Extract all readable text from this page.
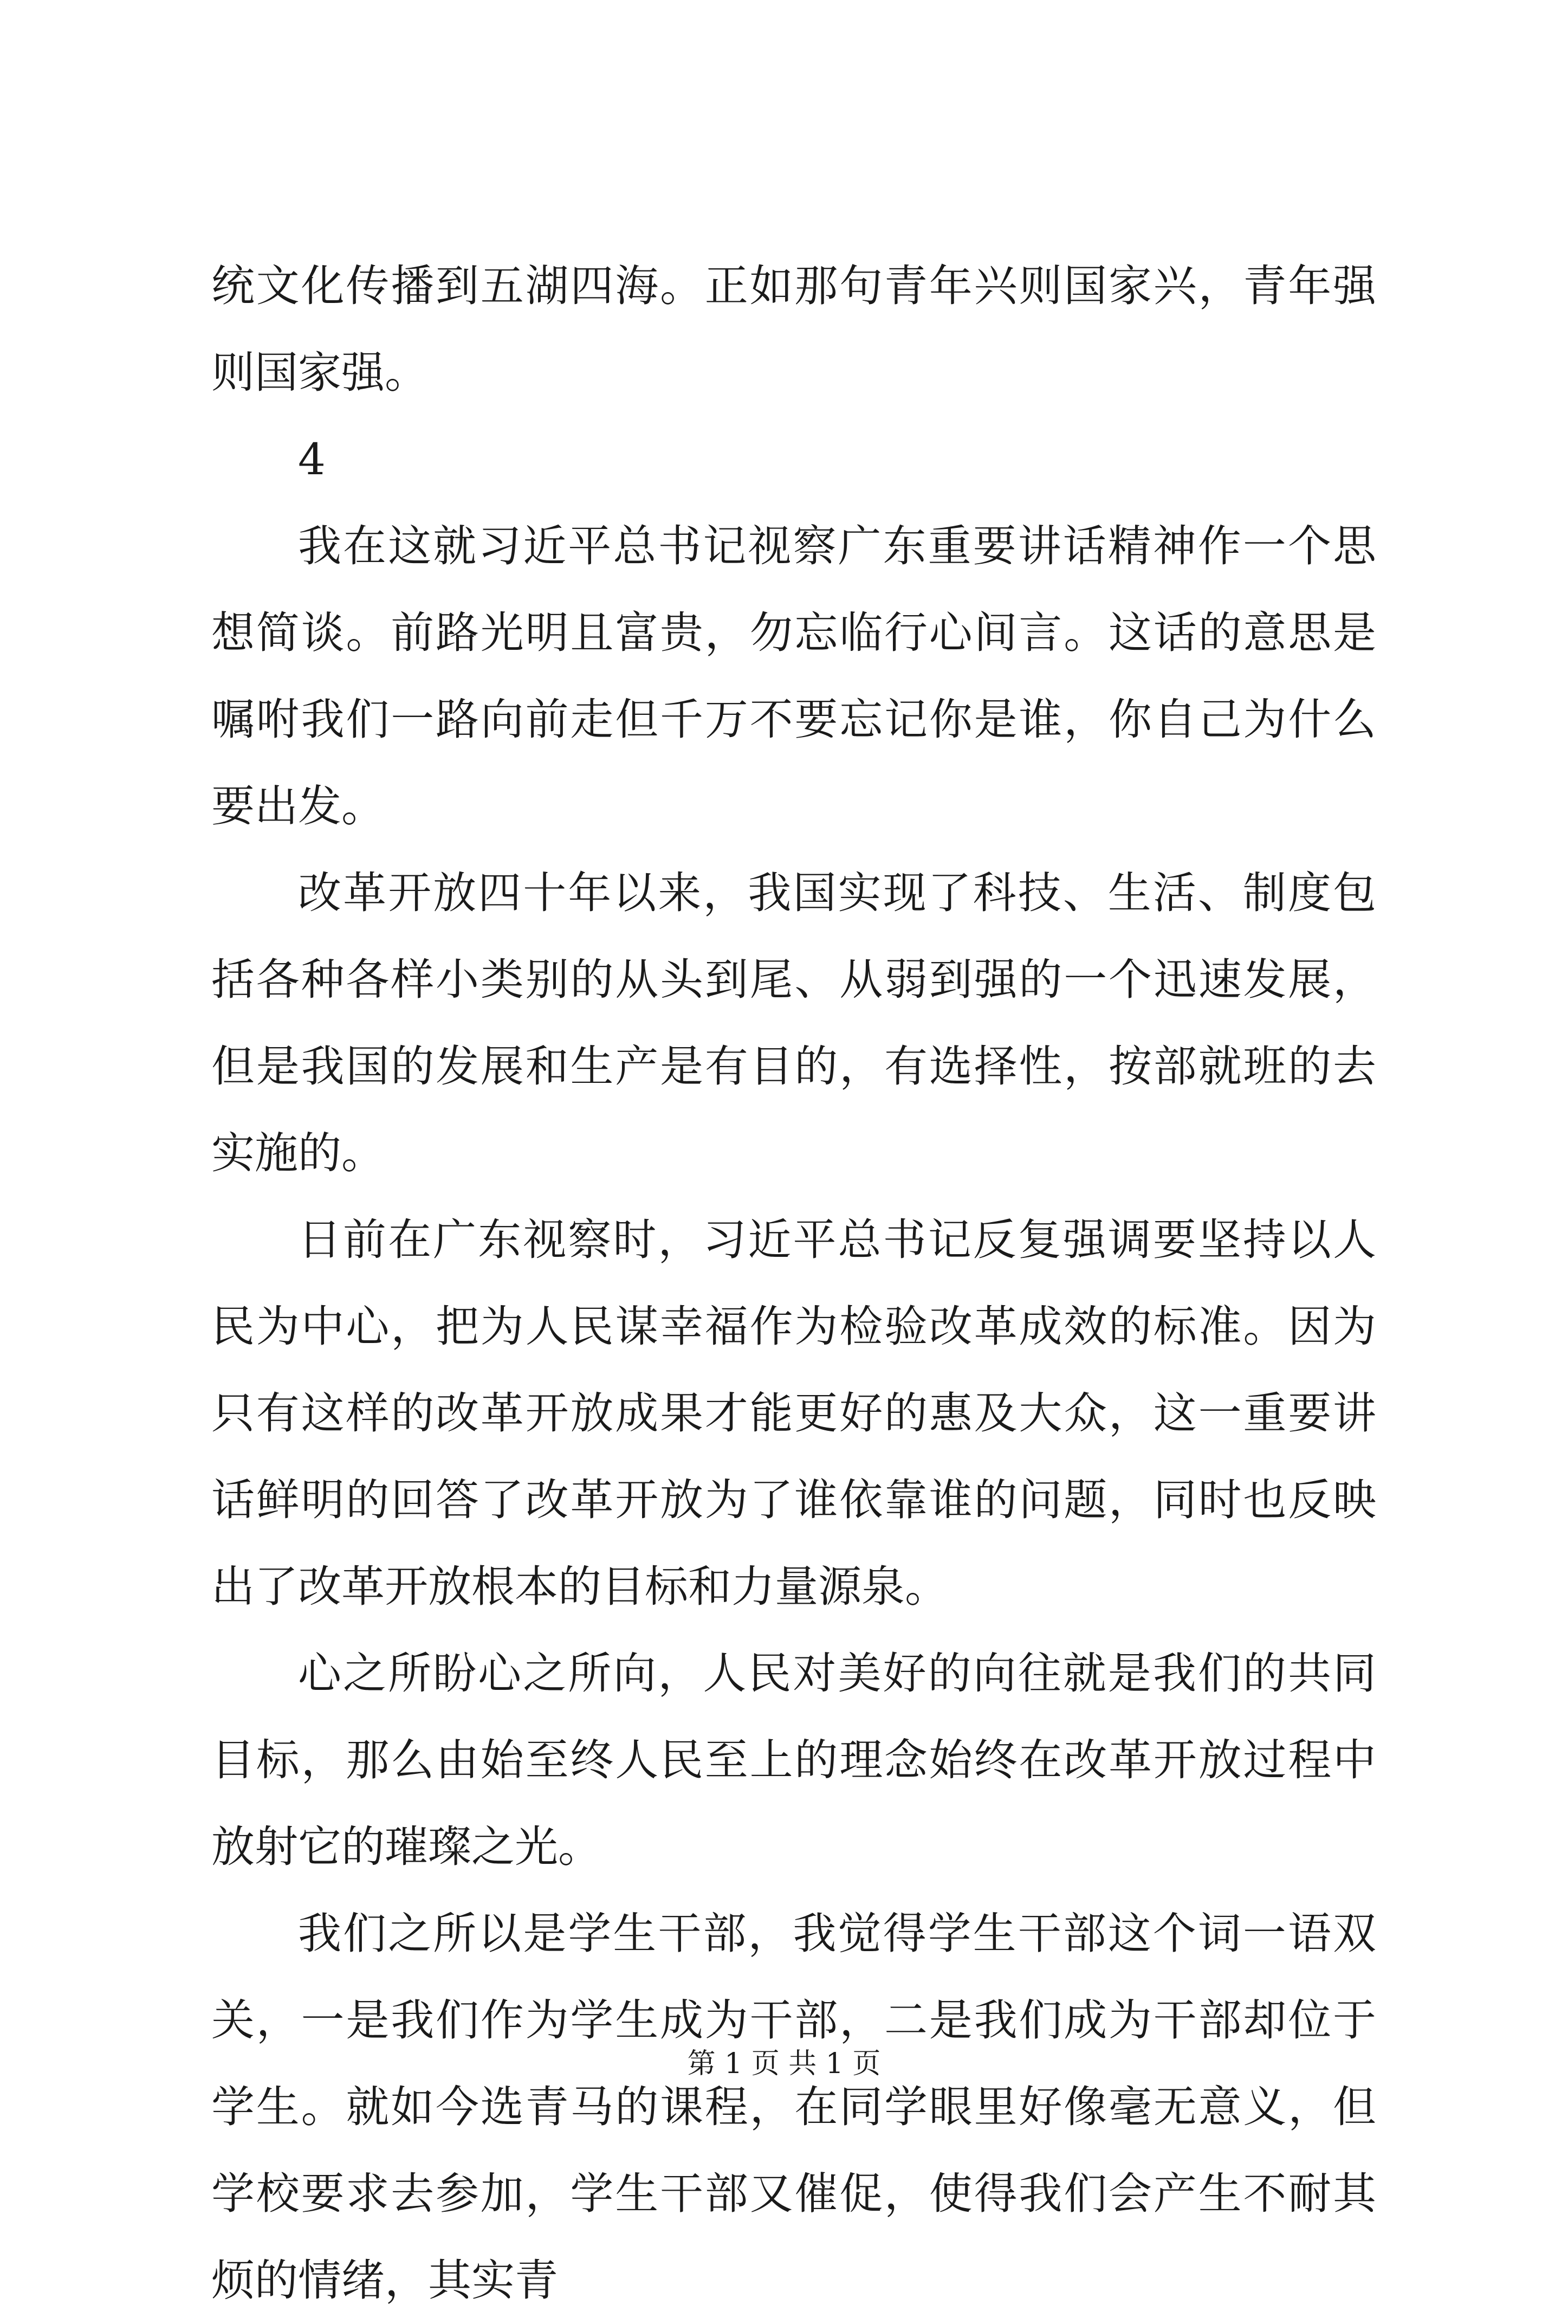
统文化传播到五湖四海。正如那句青年兴则国家兴，青年强则国家强。

4

我在这就习近平总书记视察广东重要讲话精神作一个思想简谈。前路光明且富贵，勿忘临行心间言。这话的意思是嘱咐我们一路向前走但千万不要忘记你是谁，你自己为什么要出发。

改革开放四十年以来，我国实现了科技、生活、制度包括各种各样小类别的从头到尾、从弱到强的一个迅速发展，但是我国的发展和生产是有目的，有选择性，按部就班的去实施的。

日前在广东视察时，习近平总书记反复强调要坚持以人民为中心，把为人民谋幸福作为检验改革成效的标准。因为只有这样的改革开放成果才能更好的惠及大众，这一重要讲话鲜明的回答了改革开放为了谁依靠谁的问题，同时也反映出了改革开放根本的目标和力量源泉。

心之所盼心之所向，人民对美好的向往就是我们的共同目标，那么由始至终人民至上的理念始终在改革开放过程中放射它的璀璨之光。

我们之所以是学生干部，我觉得学生干部这个词一语双关，一是我们作为学生成为干部，二是我们成为干部却位于学生。就如今选青马的课程，在同学眼里好像毫无意义，但学校要求去参加，学生干部又催促，使得我们会产生不耐其烦的情绪，其实青

第 1 页 共 1 页
